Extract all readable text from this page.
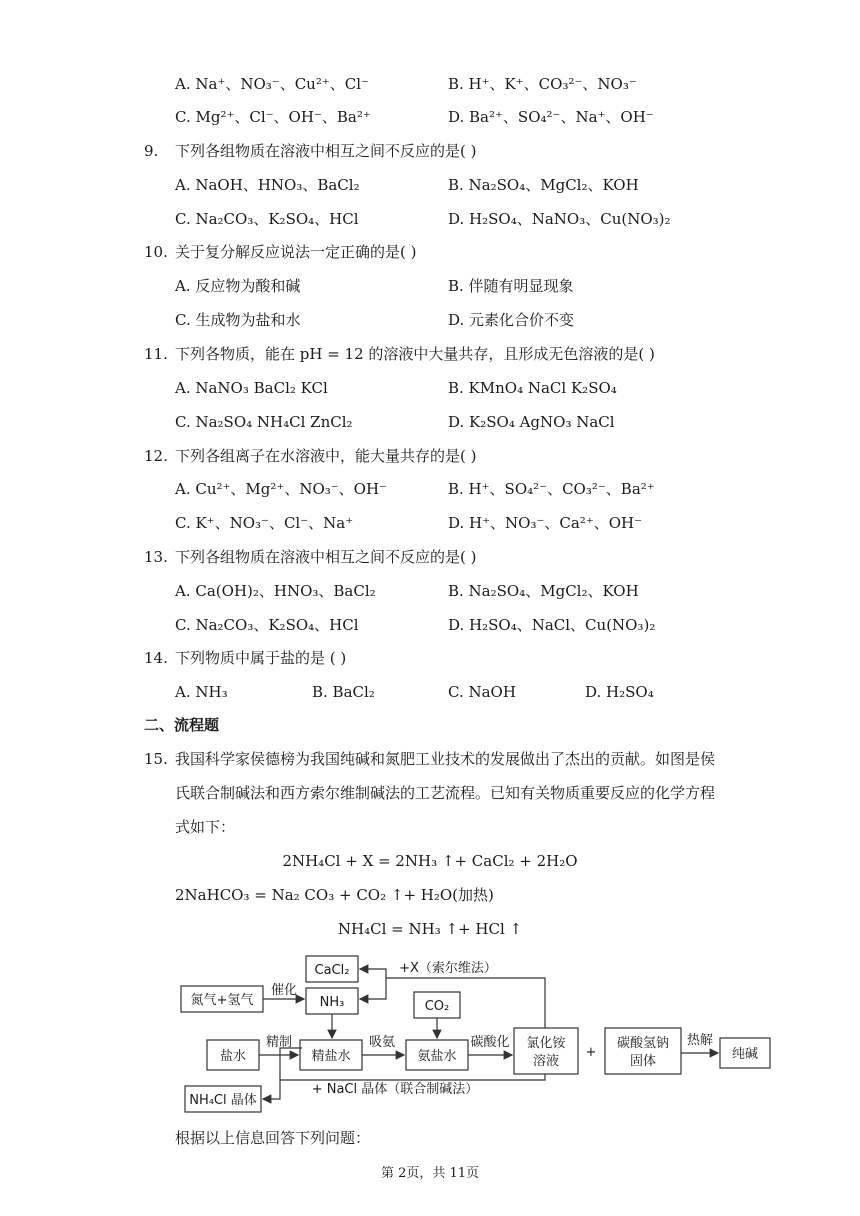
A. Na⁺、NO₃⁻、Cu²⁺、Cl⁻	B. H⁺、K⁺、CO₃²⁻、NO₃⁻
C. Mg²⁺、Cl⁻、OH⁻、Ba²⁺	D. Ba²⁺、SO₄²⁻、Na⁺、OH⁻
A. NaOH、HNO₃、BaCl₂	B. Na₂SO₄、MgCl₂、KOH
C. Na₂CO₃、K₂SO₄、HCl	D. H₂SO₄、NaNO₃、Cu(NO₃)₂
A. 反应物为酸和碱	B. 伴随有明显现象
C. 生成物为盐和水	D. 元素化合价不变
A. NaNO₃ BaCl₂ KCl	B. KMnO₄ NaCl K₂SO₄
C. Na₂SO₄ NH₄Cl ZnCl₂	D. K₂SO₄ AgNO₃ NaCl
A. Cu²⁺、Mg²⁺、NO₃⁻、OH⁻	B. H⁺、SO₄²⁻、CO₃²⁻、Ba²⁺
C. K⁺、NO₃⁻、Cl⁻、Na⁺	D. H⁺、NO₃⁻、Ca²⁺、OH⁻
A. Ca(OH)₂、HNO₃、BaCl₂	B. Na₂SO₄、MgCl₂、KOH
C. Na₂CO₃、K₂SO₄、HCl	D. H₂SO₄、NaCl、Cu(NO₃)₂
A. NH₃	B. BaCl₂	C. NaOH	D. H₂SO₄
9. 下列各组物质在溶液中相互之间不反应的是( )
10. 关于复分解反应说法一定正确的是( )
11. 下列各物质，能在 pH = 12 的溶液中大量共存，且形成无色溶液的是( )
12. 下列各组离子在水溶液中，能大量共存的是( )
13. 下列各组物质在溶液中相互之间不反应的是( )
14. 下列物质中属于盐的是 ( )
15. 我国科学家侯德榜为我国纯碱和氮肥工业技术的发展做出了杰出的贡献。如图是侯
二、流程题
氏联合制碱法和西方索尔维制碱法的工艺流程。已知有关物质重要反应的化学方程
式如下：
2NH₄Cl + X = 2NH₃ ↑+ CaCl₂ + 2H₂O
2NaHCO₃ = Na₂ CO₃ + CO₂ ↑+ H₂O(加热)
NH₄Cl = NH₃ ↑+ HCl ↑
CaCl₂
氮气+氢气	NH₃	CO₂
盐水	精盐水	氨盐水
氯化铵
溶液
+
碳酸氢钠
固体	纯碱
NH₄Cl 晶体
催化
精制	吸氨	碳酸化	热解
+X（索尔维法）
+ NaCl 晶体（联合制碱法）
根据以上信息回答下列问题：
第 2页，共 11页
